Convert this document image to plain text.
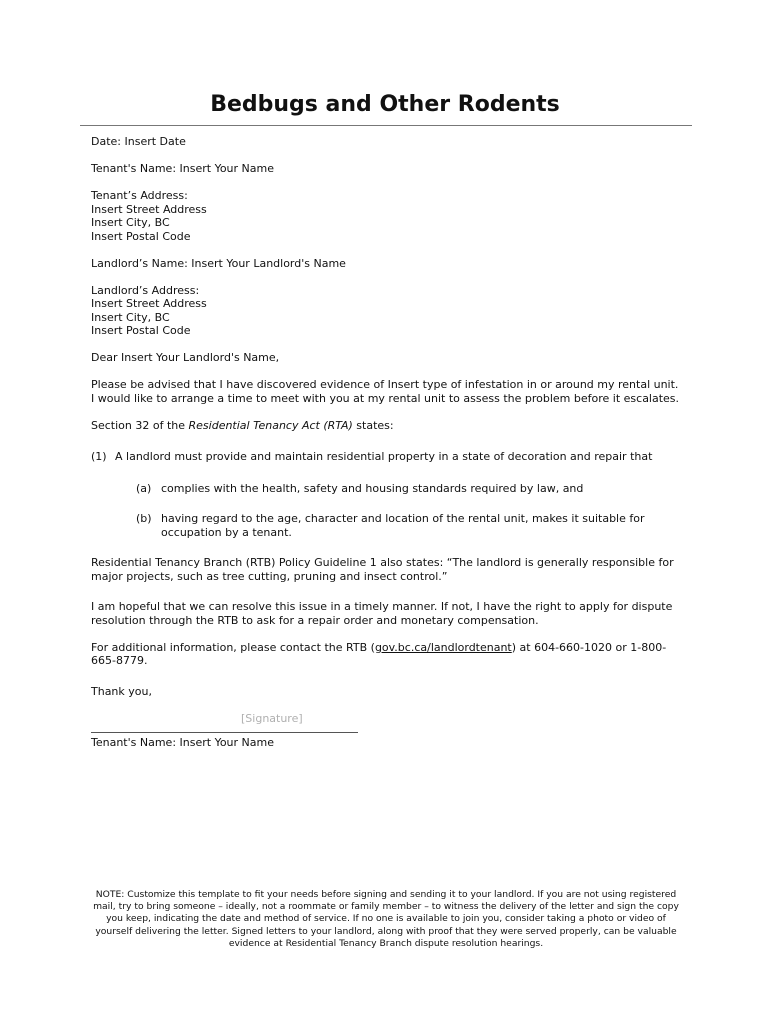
Bedbugs and Other Rodents

Date: Insert Date

Tenant's Name: Insert Your Name

Tenant’s Address:
Insert Street Address
Insert City, BC
Insert Postal Code

Landlord’s Name: Insert Your Landlord's Name

Landlord’s Address:
Insert Street Address
Insert City, BC
Insert Postal Code

Dear Insert Your Landlord's Name,

Please be advised that I have discovered evidence of Insert type of infestation in or around my rental unit. I would like to arrange a time to meet with you at my rental unit to assess the problem before it escalates.

Section 32 of the Residential Tenancy Act (RTA) states:

(1) A landlord must provide and maintain residential property in a state of decoration and repair that
(a) complies with the health, safety and housing standards required by law, and
(b) having regard to the age, character and location of the rental unit, makes it suitable for occupation by a tenant.

Residential Tenancy Branch (RTB) Policy Guideline 1 also states: “The landlord is generally responsible for major projects, such as tree cutting, pruning and insect control.”

I am hopeful that we can resolve this issue in a timely manner. If not, I have the right to apply for dispute resolution through the RTB to ask for a repair order and monetary compensation.

For additional information, please contact the RTB (gov.bc.ca/landlordtenant) at 604-660-1020 or 1-800-665-8779.

Thank you,

[Signature]
Tenant's Name: Insert Your Name
NOTE: Customize this template to fit your needs before signing and sending it to your landlord. If you are not using registered mail, try to bring someone – ideally, not a roommate or family member – to witness the delivery of the letter and sign the copy you keep, indicating the date and method of service. If no one is available to join you, consider taking a photo or video of yourself delivering the letter. Signed letters to your landlord, along with proof that they were served properly, can be valuable evidence at Residential Tenancy Branch dispute resolution hearings.
